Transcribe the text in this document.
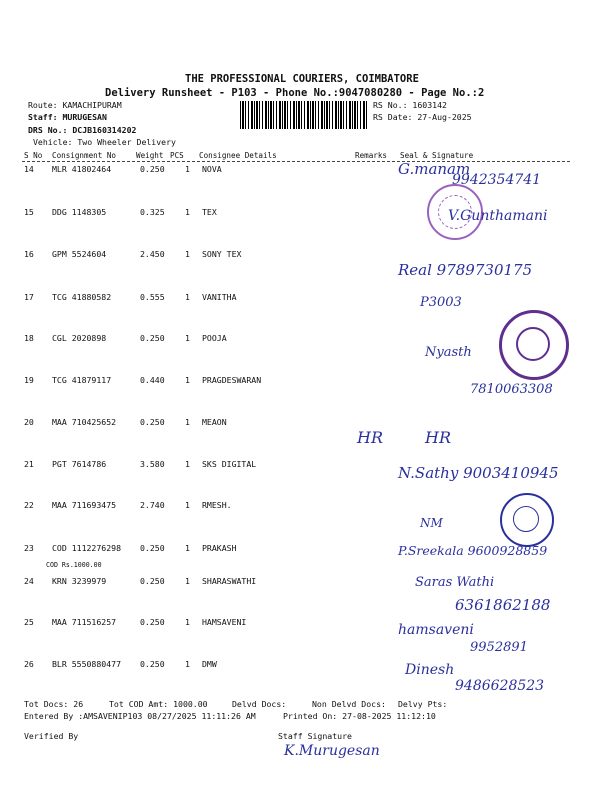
THE PROFESSIONAL COURIERS, COIMBATORE
Delivery Runsheet - P103 - Phone No.:9047080280 - Page No.:2
Route: KAMACHIPURAM
Staff: MURUGESAN
DRS No.: DCJB160314202
Vehicle: Two Wheeler Delivery
RS No.: 1603142
RS Date: 27-Aug-2025
S No Consignment No	Weight PCS Consignee Details	Remarks Seal & Signature
14 MLR 41802464	0.250 1 NOVA
15 DDG 1148305	0.325 1 TEX
16 GPM 5524604	2.450 1 SONY TEX
17 TCG 41880582	0.555 1 VANITHA
18 CGL 2020898	0.250 1 POOJA
19 TCG 41879117	0.440 1 PRAGDESWARAN
20 MAA 710425652	0.250 1 MEAON
21 PGT 7614786	3.580 1 SKS DIGITAL
22 MAA 711693475	2.740 1 RMESH.
23 COD 1112276298 0.250 1 PRAKASH
COD Rs.1000.00
24 KRN 3239979	0.250 1 SHARASWATHI
25 MAA 711516257	0.250 1 HAMSAVENI
26 BLR 5550880477 0.250 1 DMW
G.manam
9942354741
V.Gunthamani
Real 9789730175
P3003
Nyasth
7810063308
HR	HR
N.Sathy 9003410945
NM
P.Sreekala 9600928859
Saras Wathi
6361862188
hamsaveni
9952891
Dinesh
9486628523
Tot Docs: 26	Tot COD Amt: 1000.00	Delvd Docs:	Non Delvd Docs: Delvy Pts:
Entered By :AMSAVENIP103 08/27/2025 11:11:26 AM	Printed On: 27-08-2025 11:12:10
Verified By	Staff Signature
K.Murugesan
